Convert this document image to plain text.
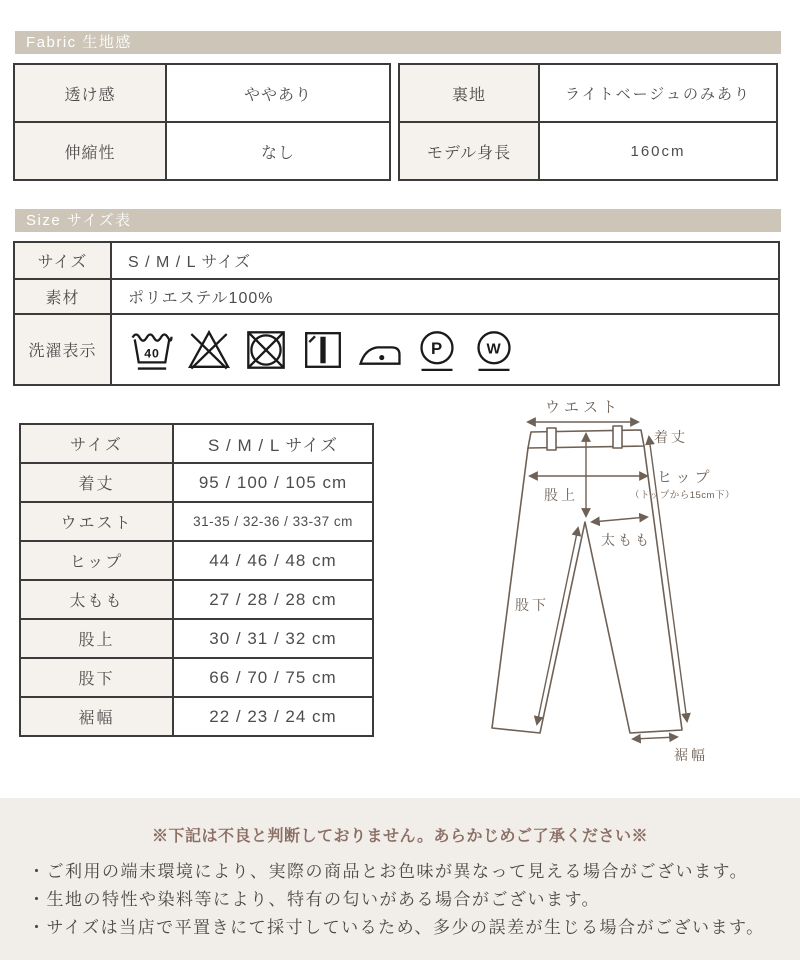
Fabric 生地感
透け感	ややあり
伸縮性	なし
裏地	ライトベージュのみあり
モデル身長	160cm
Size サイズ表
サイズ	S / M / L サイズ
素材	ポリエステル100%
洗濯表示	40 P W
サイズ	S / M / L サイズ
着丈	95 / 100 / 105 cm
ウエスト	31-35 / 32-36 / 33-37 cm
ヒップ	44 / 46 / 48 cm
太もも	27 / 28 / 28 cm
股上	30 / 31 / 32 cm
股下	66 / 70 / 75 cm
裾幅	22 / 23 / 24 cm
ウエスト
着丈
ヒップ
（トップから15cm下）
股上
太もも
股下
裾幅
※下記は不良と判断しておりません。あらかじめご了承ください※
・ご利用の端末環境により、実際の商品とお色味が異なって見える場合がございます。
・生地の特性や染料等により、特有の匂いがある場合がございます。
・サイズは当店で平置きにて採寸しているため、多少の誤差が生じる場合がございます。
